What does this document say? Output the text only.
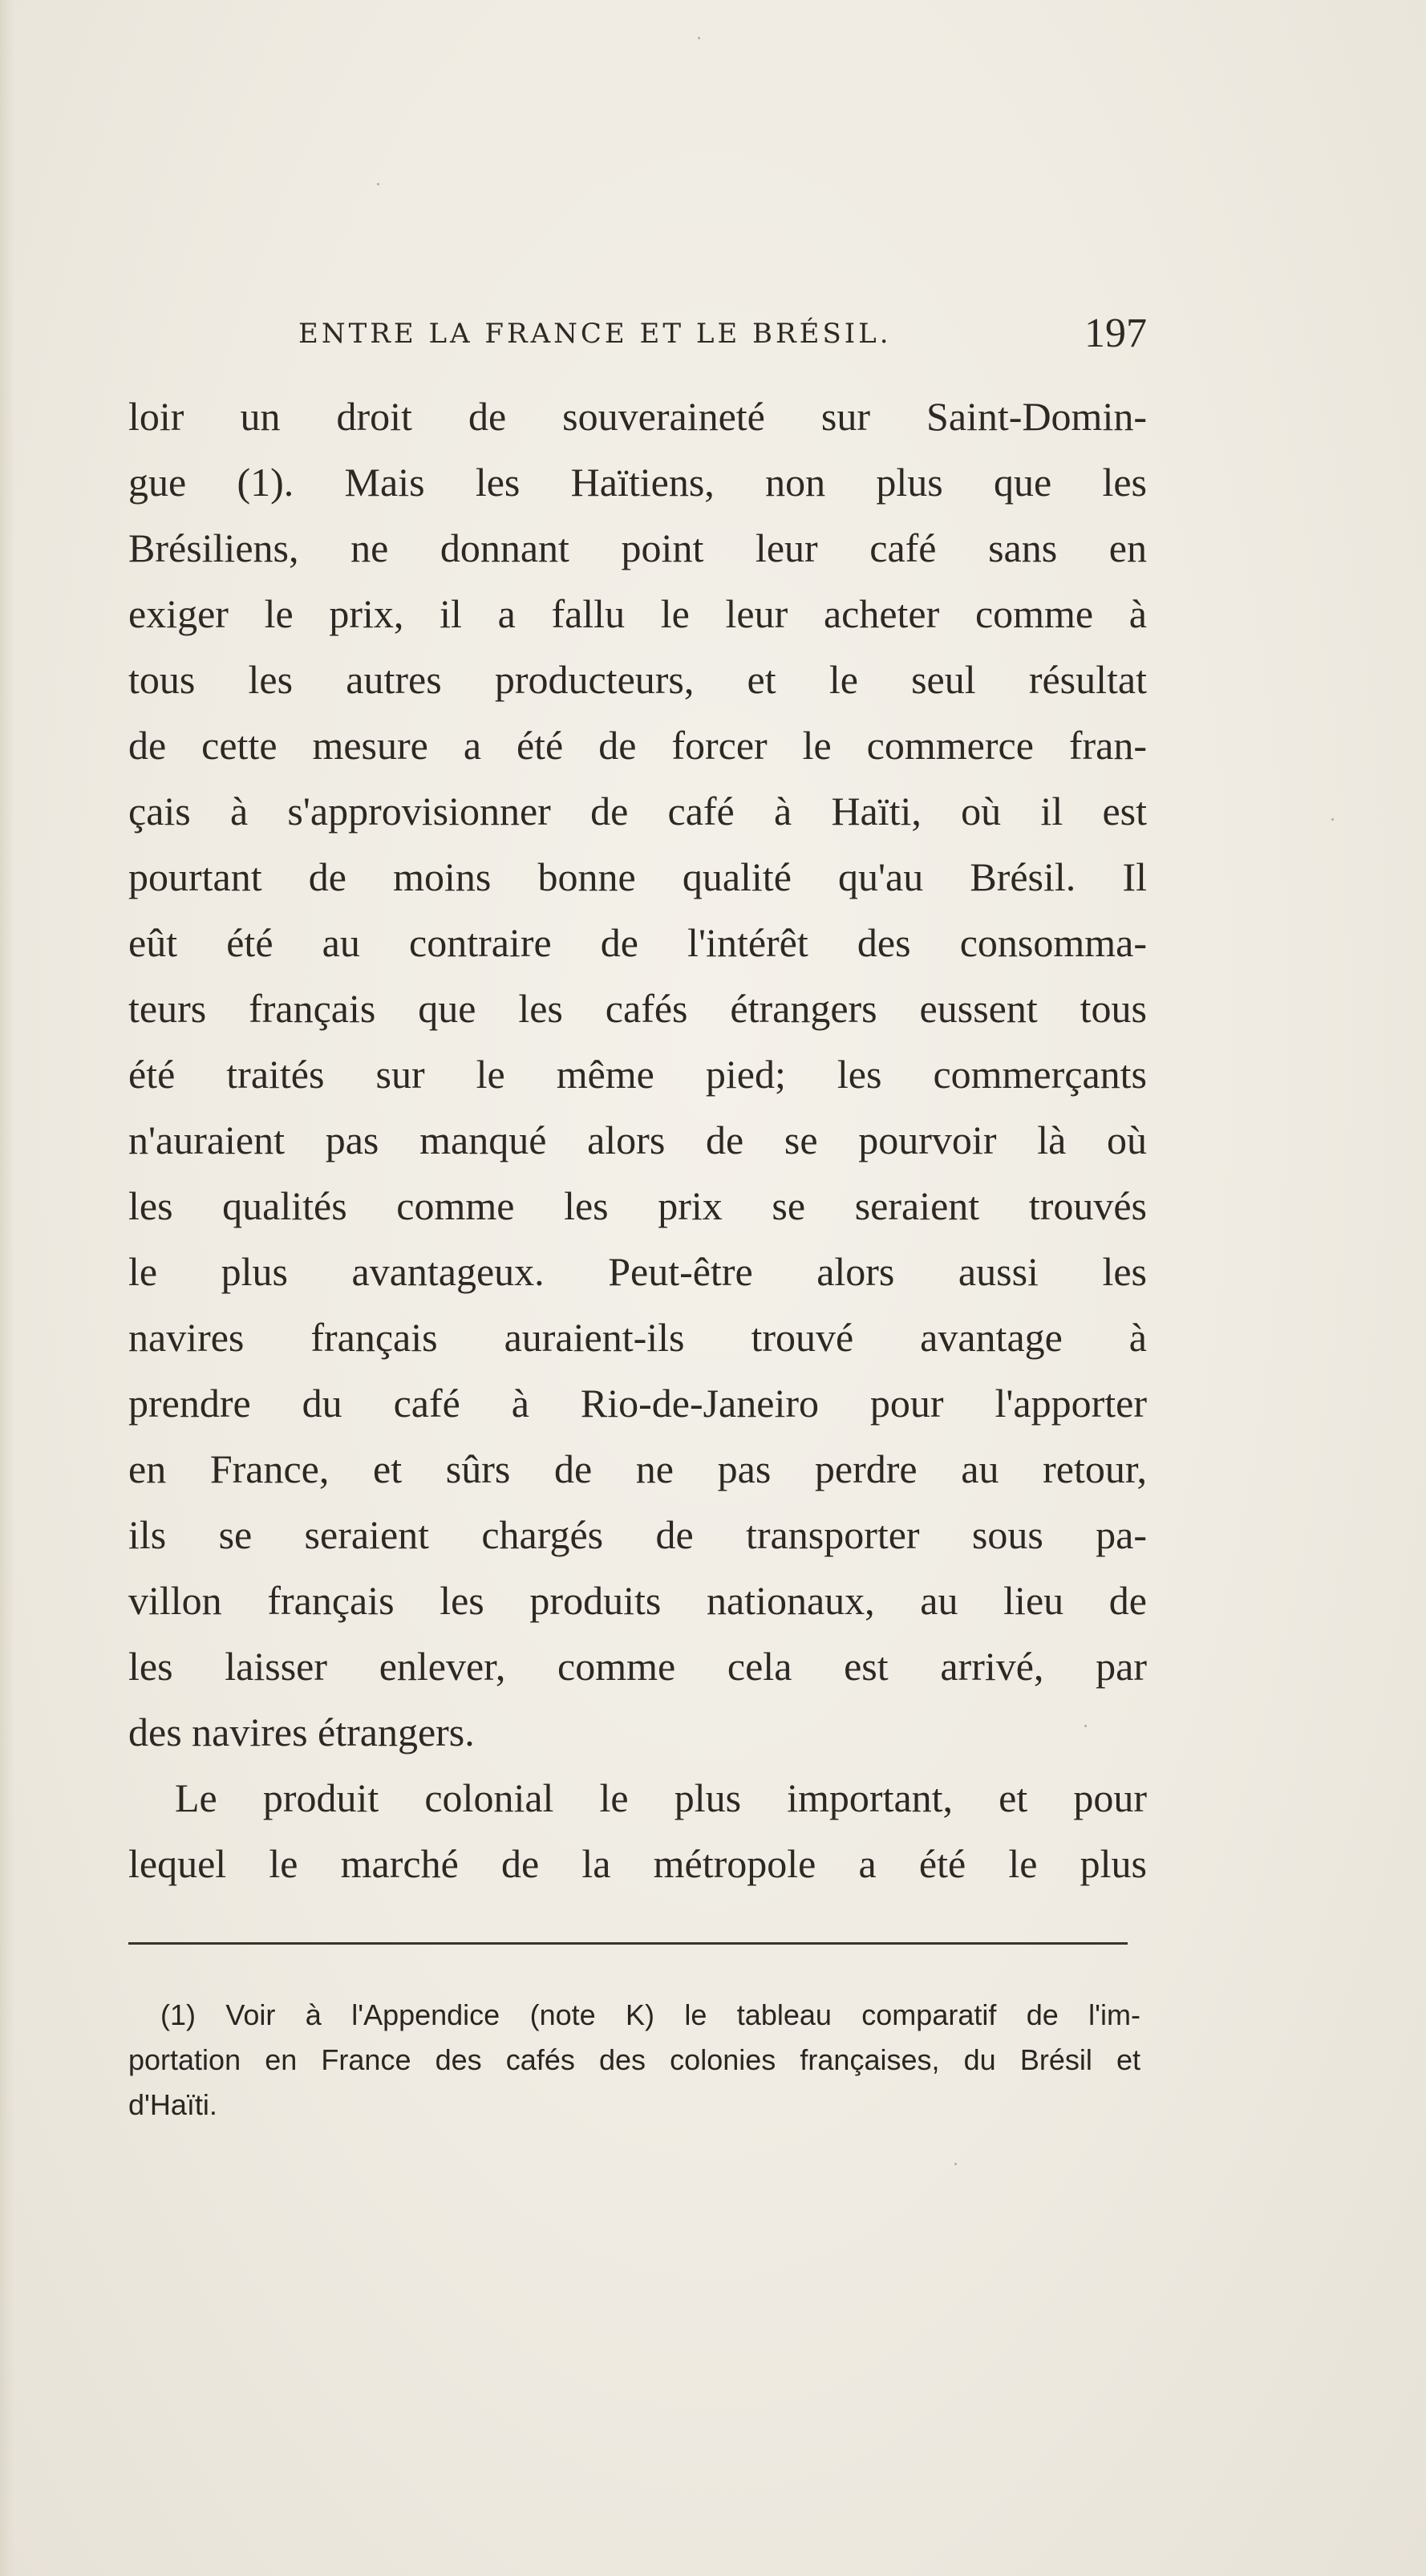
ENTRE LA FRANCE ET LE BRÉSIL.	197
loir un droit de souveraineté sur Saint-Domin-
gue (1). Mais les Haïtiens, non plus que les
Brésiliens, ne donnant point leur café sans en
exiger le prix, il a fallu le leur acheter comme à
tous les autres producteurs, et le seul résultat
de cette mesure a été de forcer le commerce fran-
çais à s'approvisionner de café à Haïti, où il est
pourtant de moins bonne qualité qu'au Brésil. Il
eût été au contraire de l'intérêt des consomma-
teurs français que les cafés étrangers eussent tous
été traités sur le même pied; les commerçants
n'auraient pas manqué alors de se pourvoir là où
les qualités comme les prix se seraient trouvés
le plus avantageux. Peut-être alors aussi les
navires français auraient-ils trouvé avantage à
prendre du café à Rio-de-Janeiro pour l'apporter
en France, et sûrs de ne pas perdre au retour,
ils se seraient chargés de transporter sous pa-
villon français les produits nationaux, au lieu de
les laisser enlever, comme cela est arrivé, par
des navires étrangers.
Le produit colonial le plus important, et pour
lequel le marché de la métropole a été le plus
(1) Voir à l'Appendice (note K) le tableau comparatif de l'im-
portation en France des cafés des colonies françaises, du Brésil et
d'Haïti.
